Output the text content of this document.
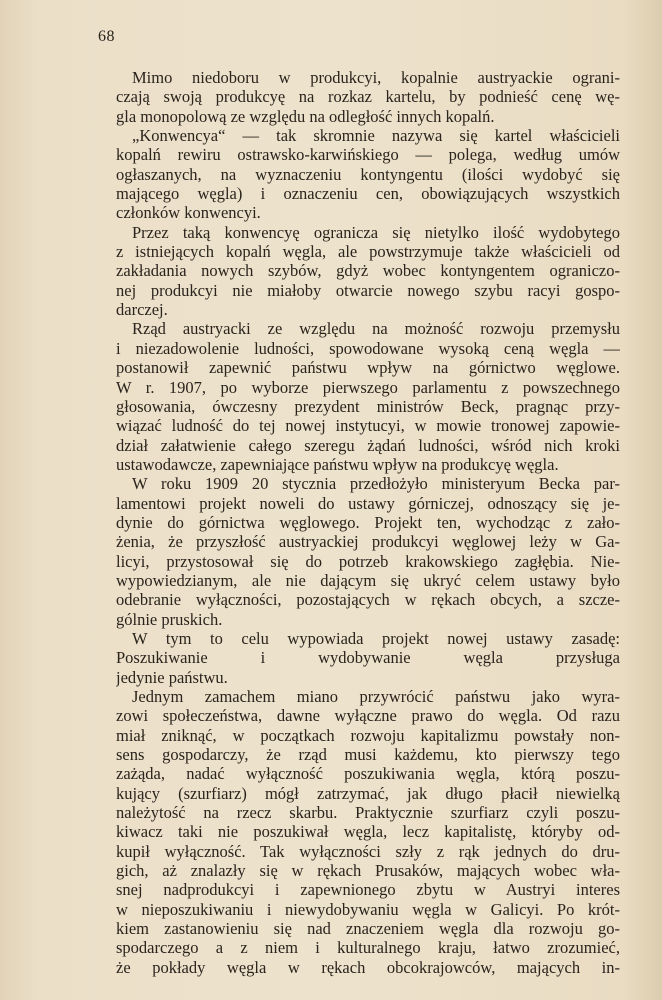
68
Mimo niedoboru w produkcyi, kopalnie austryackie ograni-
czają swoją produkcyę na rozkaz kartelu, by podnieść cenę wę-
gla monopolową ze względu na odległość innych kopalń.
„Konwencya“ — tak skromnie nazywa się kartel właścicieli
kopalń rewiru ostrawsko-karwińskiego — polega, według umów
ogłaszanych, na wyznaczeniu kontyngentu (ilości wydobyć się
mającego węgla) i oznaczeniu cen, obowiązujących wszystkich
członków konwencyi.
Przez taką konwencyę ogranicza się nietylko ilość wydobytego
z istniejących kopalń węgla, ale powstrzymuje także właścicieli od
zakładania nowych szybów, gdyż wobec kontyngentem ograniczo-
nej produkcyi nie miałoby otwarcie nowego szybu racyi gospo-
darczej.
Rząd austryacki ze względu na możność rozwoju przemysłu
i niezadowolenie ludności, spowodowane wysoką ceną węgla —
postanowił zapewnić państwu wpływ na górnictwo węglowe.
W r. 1907, po wyborze pierwszego parlamentu z powszechnego
głosowania, ówczesny prezydent ministrów Beck, pragnąc przy-
wiązać ludność do tej nowej instytucyi, w mowie tronowej zapowie-
dział załatwienie całego szeregu żądań ludności, wśród nich kroki
ustawodawcze, zapewniające państwu wpływ na produkcyę węgla.
W roku 1909 20 stycznia przedłożyło ministeryum Becka par-
lamentowi projekt noweli do ustawy górniczej, odnoszący się je-
dynie do górnictwa węglowego. Projekt ten, wychodząc z zało-
żenia, że przyszłość austryackiej produkcyi węglowej leży w Ga-
licyi, przystosował się do potrzeb krakowskiego zagłębia. Nie-
wypowiedzianym, ale nie dającym się ukryć celem ustawy było
odebranie wyłączności, pozostających w rękach obcych, a szcze-
gólnie pruskich.
W tym to celu wypowiada projekt nowej ustawy zasadę:
Poszukiwanie i wydobywanie węgla przysługa
jedynie państwu.
Jednym zamachem miano przywrócić państwu jako wyra-
zowi społeczeństwa, dawne wyłączne prawo do węgla. Od razu
miał zniknąć, w początkach rozwoju kapitalizmu powstały non-
sens gospodarczy, że rząd musi każdemu, kto pierwszy tego
zażąda, nadać wyłączność poszukiwania węgla, którą poszu-
kujący (szurfiarz) mógł zatrzymać, jak długo płacił niewielką
należytość na rzecz skarbu. Praktycznie szurfiarz czyli poszu-
kiwacz taki nie poszukiwał węgla, lecz kapitalistę, któryby od-
kupił wyłączność. Tak wyłączności szły z rąk jednych do dru-
gich, aż znalazły się w rękach Prusaków, mających wobec wła-
snej nadprodukcyi i zapewnionego zbytu w Austryi interes
w nieposzukiwaniu i niewydobywaniu węgla w Galicyi. Po krót-
kiem zastanowieniu się nad znaczeniem węgla dla rozwoju go-
spodarczego a z niem i kulturalnego kraju, łatwo zrozumieć,
że pokłady węgla w rękach obcokrajowców, mających in-
